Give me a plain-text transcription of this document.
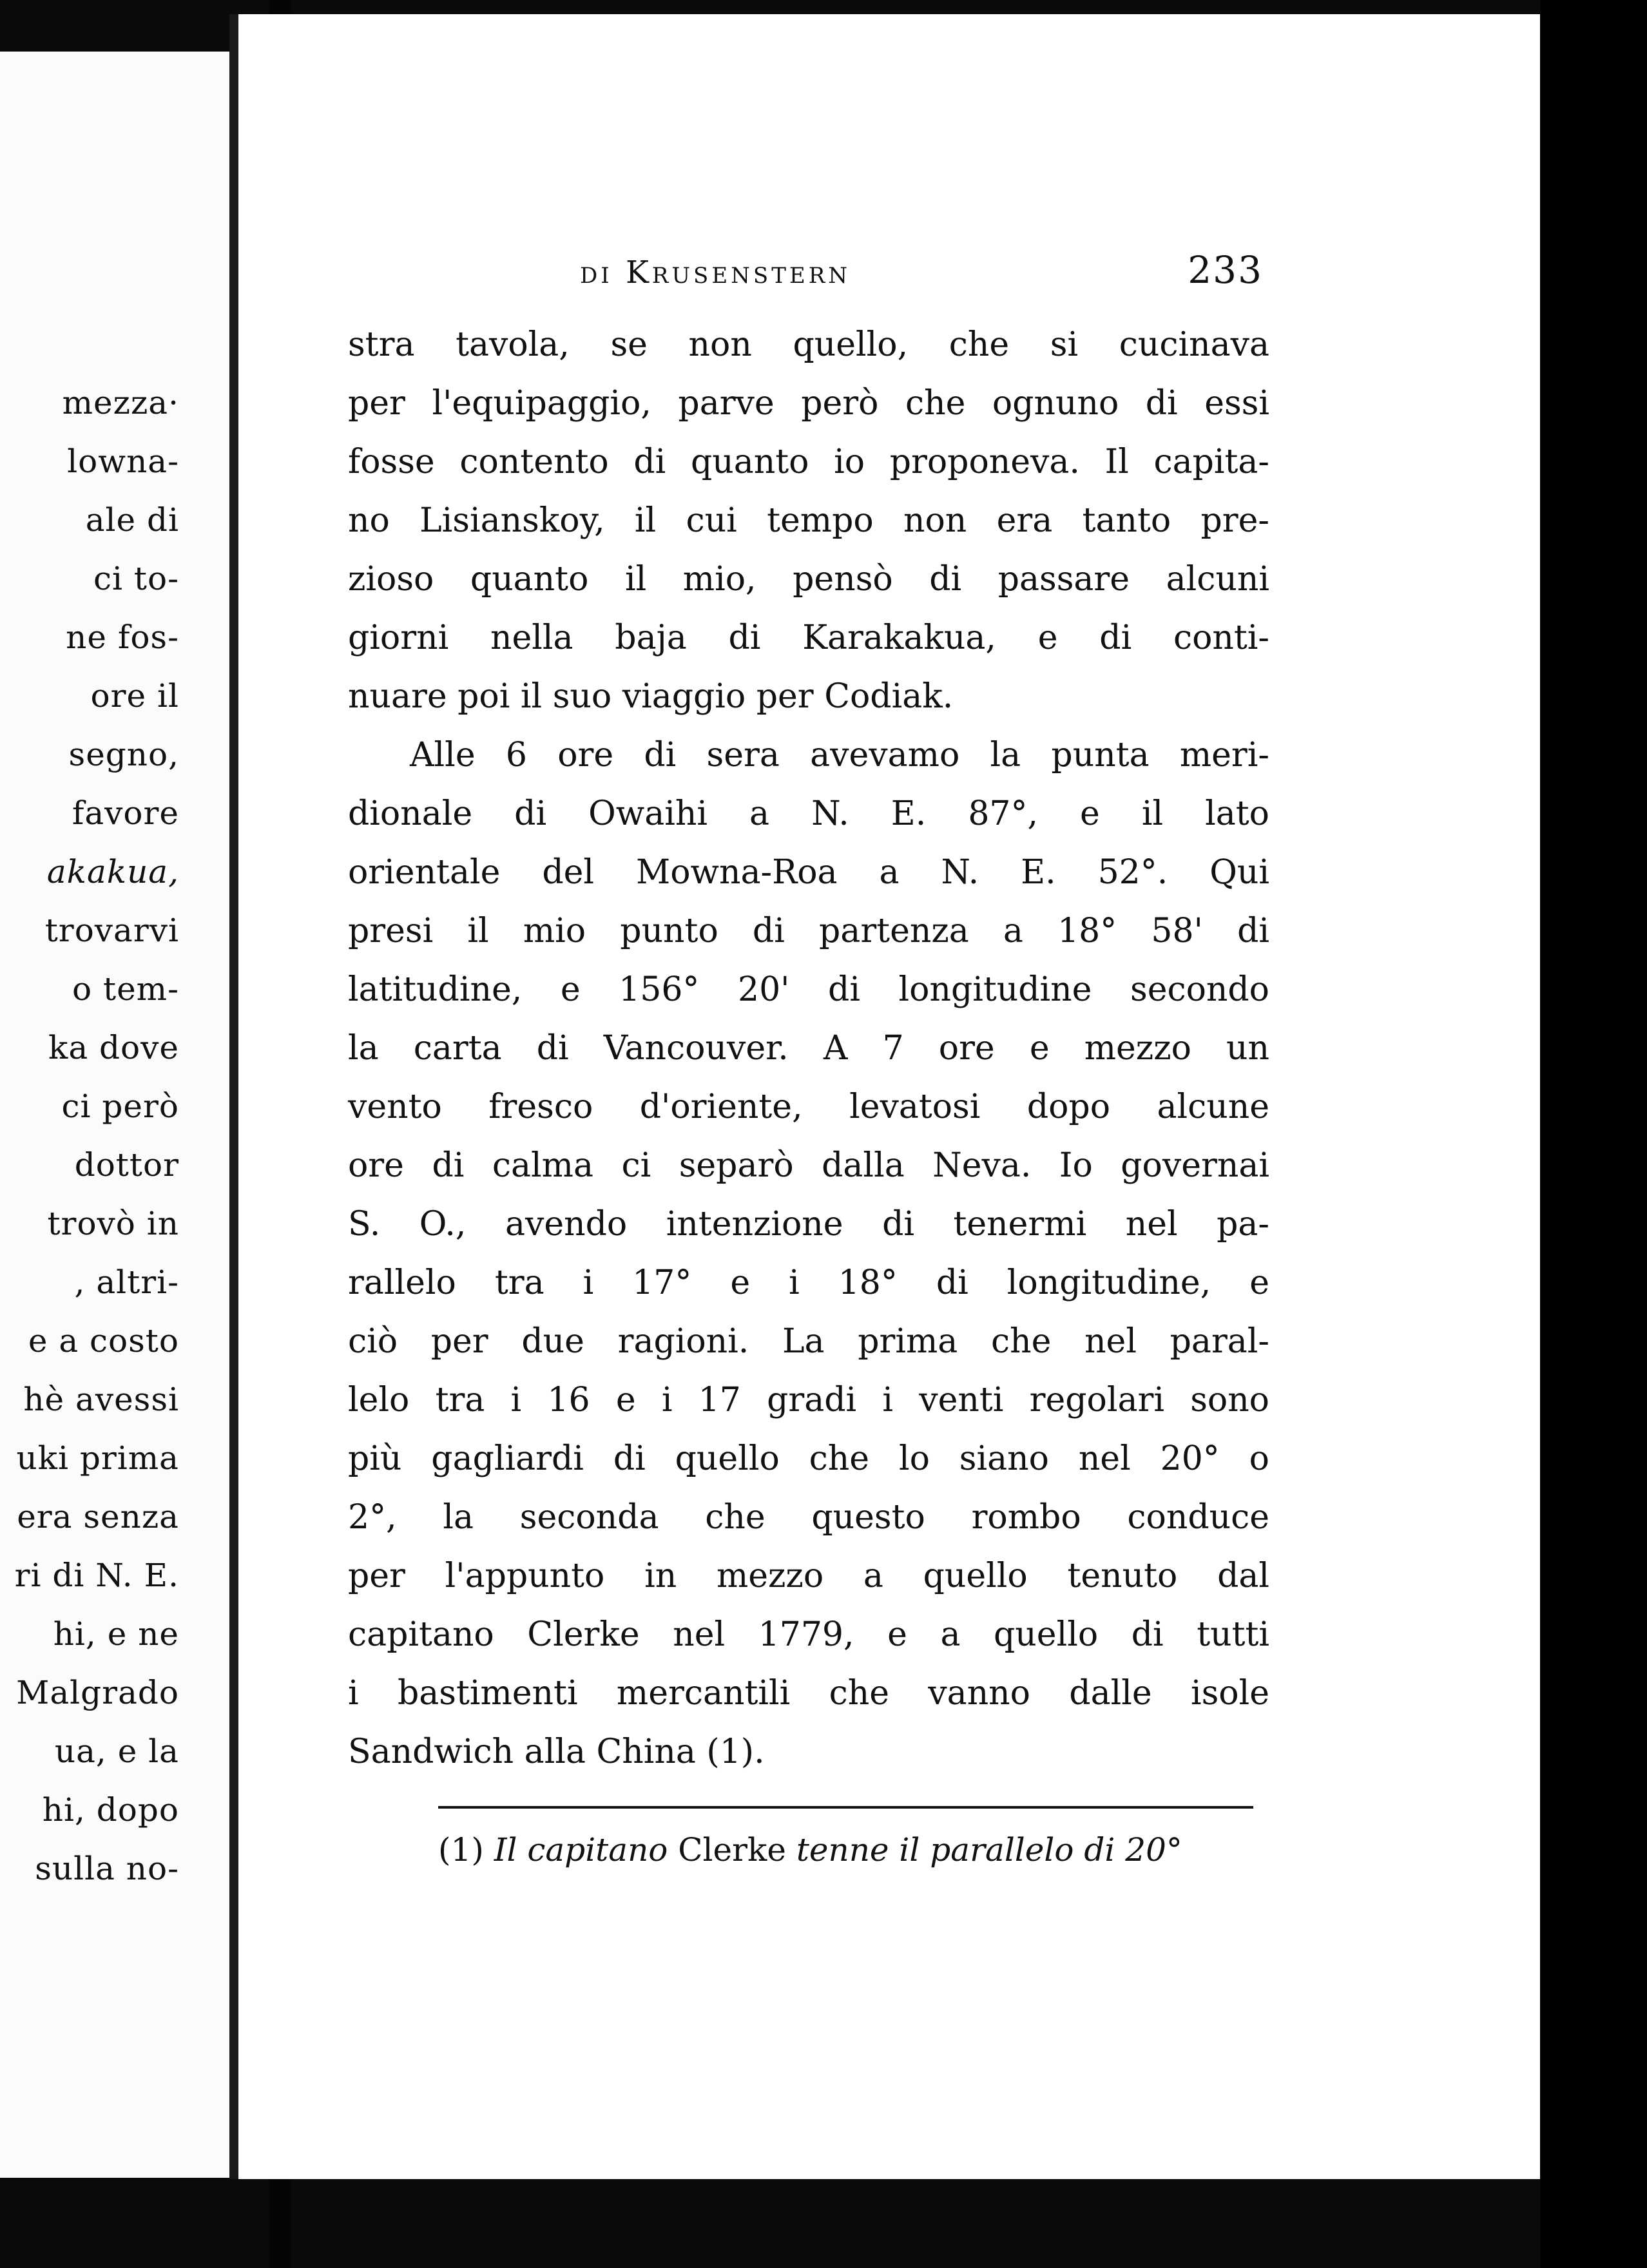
mezza·
lowna-
ale di
ci to-
ne fos-
ore il
segno,
favore
akakua,
trovarvi
o tem-
ka dove
ci però
dottor
trovò in
, altri-
e a costo
hè avessi
uki prima
era senza
ri di N. E.
hi, e ne
Malgrado
ua, e la
hi, dopo
sulla no-
di Krusenstern	233
stra tavola, se non quello, che si cucinava
per l'equipaggio, parve però che ognuno di essi
fosse contento di quanto io proponeva. Il capita-
no Lisianskoy, il cui tempo non era tanto pre-
zioso quanto il mio, pensò di passare alcuni
giorni nella baja di Karakakua, e di conti-
nuare poi il suo viaggio per Codiak.
Alle 6 ore di sera avevamo la punta meri-
dionale di Owaihi a N. E. 87°, e il lato
orientale del Mowna-Roa a N. E. 52°. Qui
presi il mio punto di partenza a 18° 58' di
latitudine, e 156° 20' di longitudine secondo
la carta di Vancouver. A 7 ore e mezzo un
vento fresco d'oriente, levatosi dopo alcune
ore di calma ci separò dalla Neva. Io governai
S. O., avendo intenzione di tenermi nel pa-
rallelo tra i 17° e i 18° di longitudine, e
ciò per due ragioni. La prima che nel paral-
lelo tra i 16 e i 17 gradi i venti regolari sono
più gagliardi di quello che lo siano nel 20° o
2°, la seconda che questo rombo conduce
per l'appunto in mezzo a quello tenuto dal
capitano Clerke nel 1779, e a quello di tutti
i bastimenti mercantili che vanno dalle isole
Sandwich alla China (1).
(1) Il capitano Clerke tenne il parallelo di 20°
